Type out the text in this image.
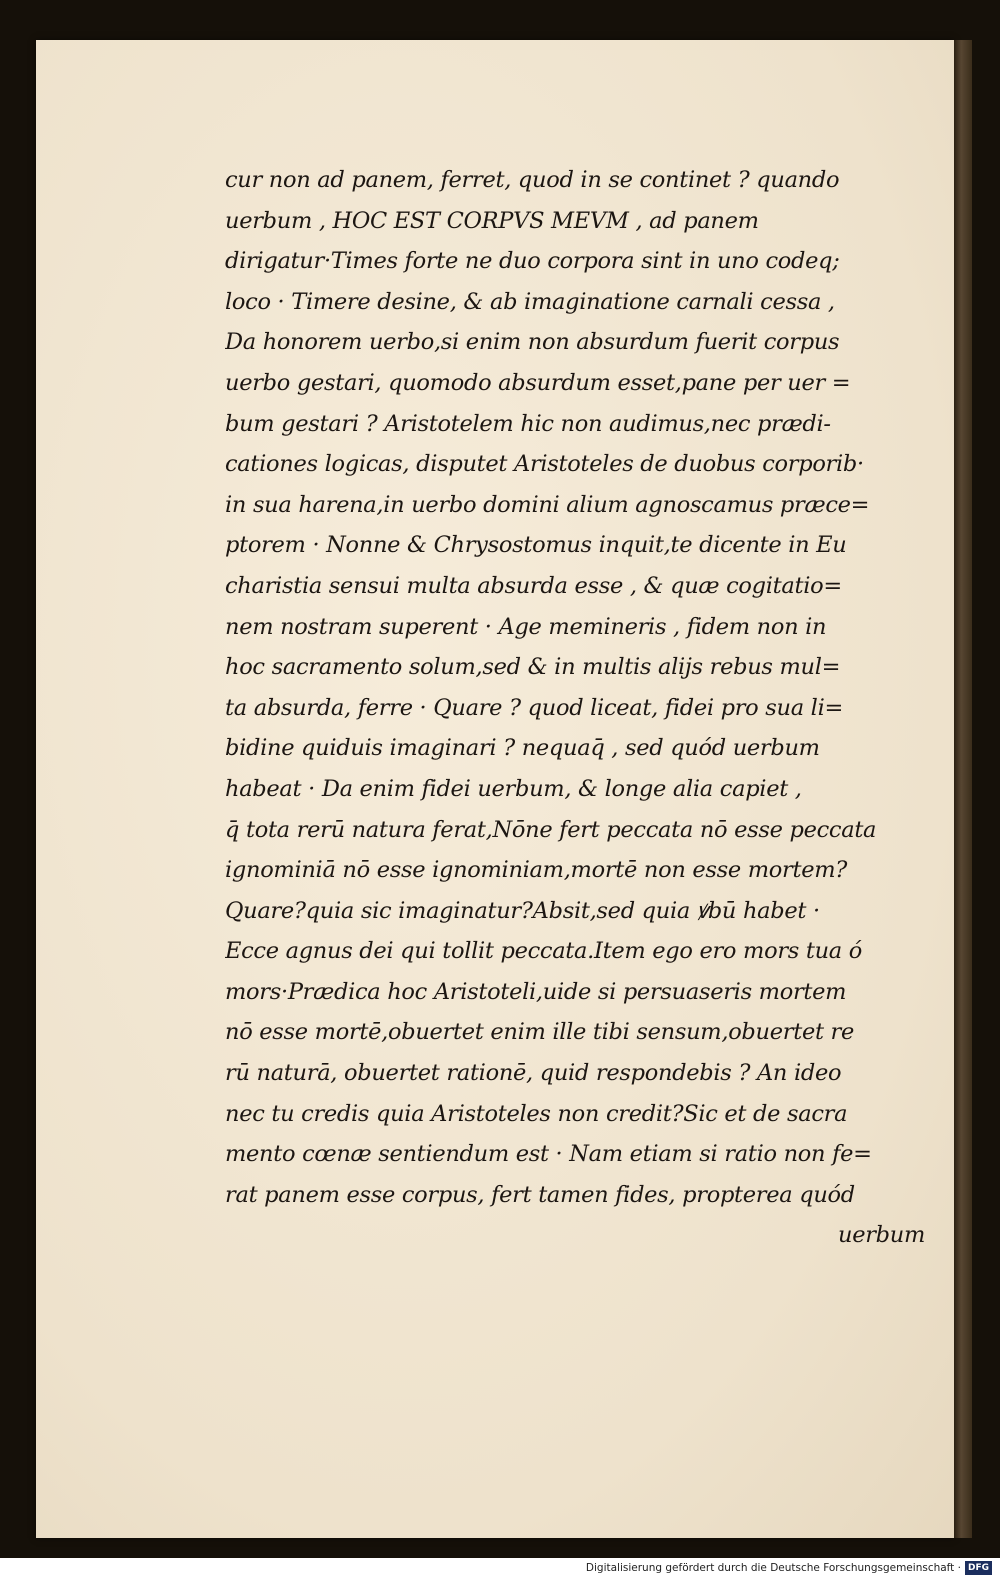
cur non ad panem, ferret, quod in se continet ? quando
uerbum , HOC EST CORPVS MEVM , ad panem
dirigatur·Times forte ne duo corpora sint in uno codeq;
loco · Timere desine, & ab imaginatione carnali cessa ,
Da honorem uerbo,si enim non absurdum fuerit corpus
uerbo gestari, quomodo absurdum esset,pane per uer =
bum gestari ? Aristotelem hic non audimus,nec prædi-
cationes logicas, disputet Aristoteles de duobus corporib·
in sua harena,in uerbo domini alium agnoscamus præce=
ptorem · Nonne & Chrysostomus inquit,te dicente in Eu
charistia sensui multa absurda esse , & quæ cogitatio=
nem nostram superent · Age memineris , fidem non in
hoc sacramento solum,sed & in multis alijs rebus mul=
ta absurda, ferre · Quare ? quod liceat, fidei pro sua li=
bidine quiduis imaginari ? nequaq̄ , sed quód uerbum
habeat · Da enim fidei uerbum, & longe alia capiet ,
q̄ tota rerū natura ferat,Nōne fert peccata nō esse peccata
ignominiā nō esse ignominiam,mortē non esse mortem?
Quare?quia sic imaginatur?Absit,sed quia ꝟbū habet ·
Ecce agnus dei qui tollit peccata.Item ego ero mors tua ó
mors·Prædica hoc Aristoteli,uide si persuaseris mortem
nō esse mortē,obuertet enim ille tibi sensum,obuertet re
rū naturā, obuertet rationē, quid respondebis ? An ideo
nec tu credis quia Aristoteles non credit?Sic et de sacra
mento cœnæ sentiendum est · Nam etiam si ratio non fe=
rat panem esse corpus, fert tamen fides, propterea quód
uerbum
Digitalisierung gefördert durch die Deutsche Forschungsgemeinschaft · DFG
